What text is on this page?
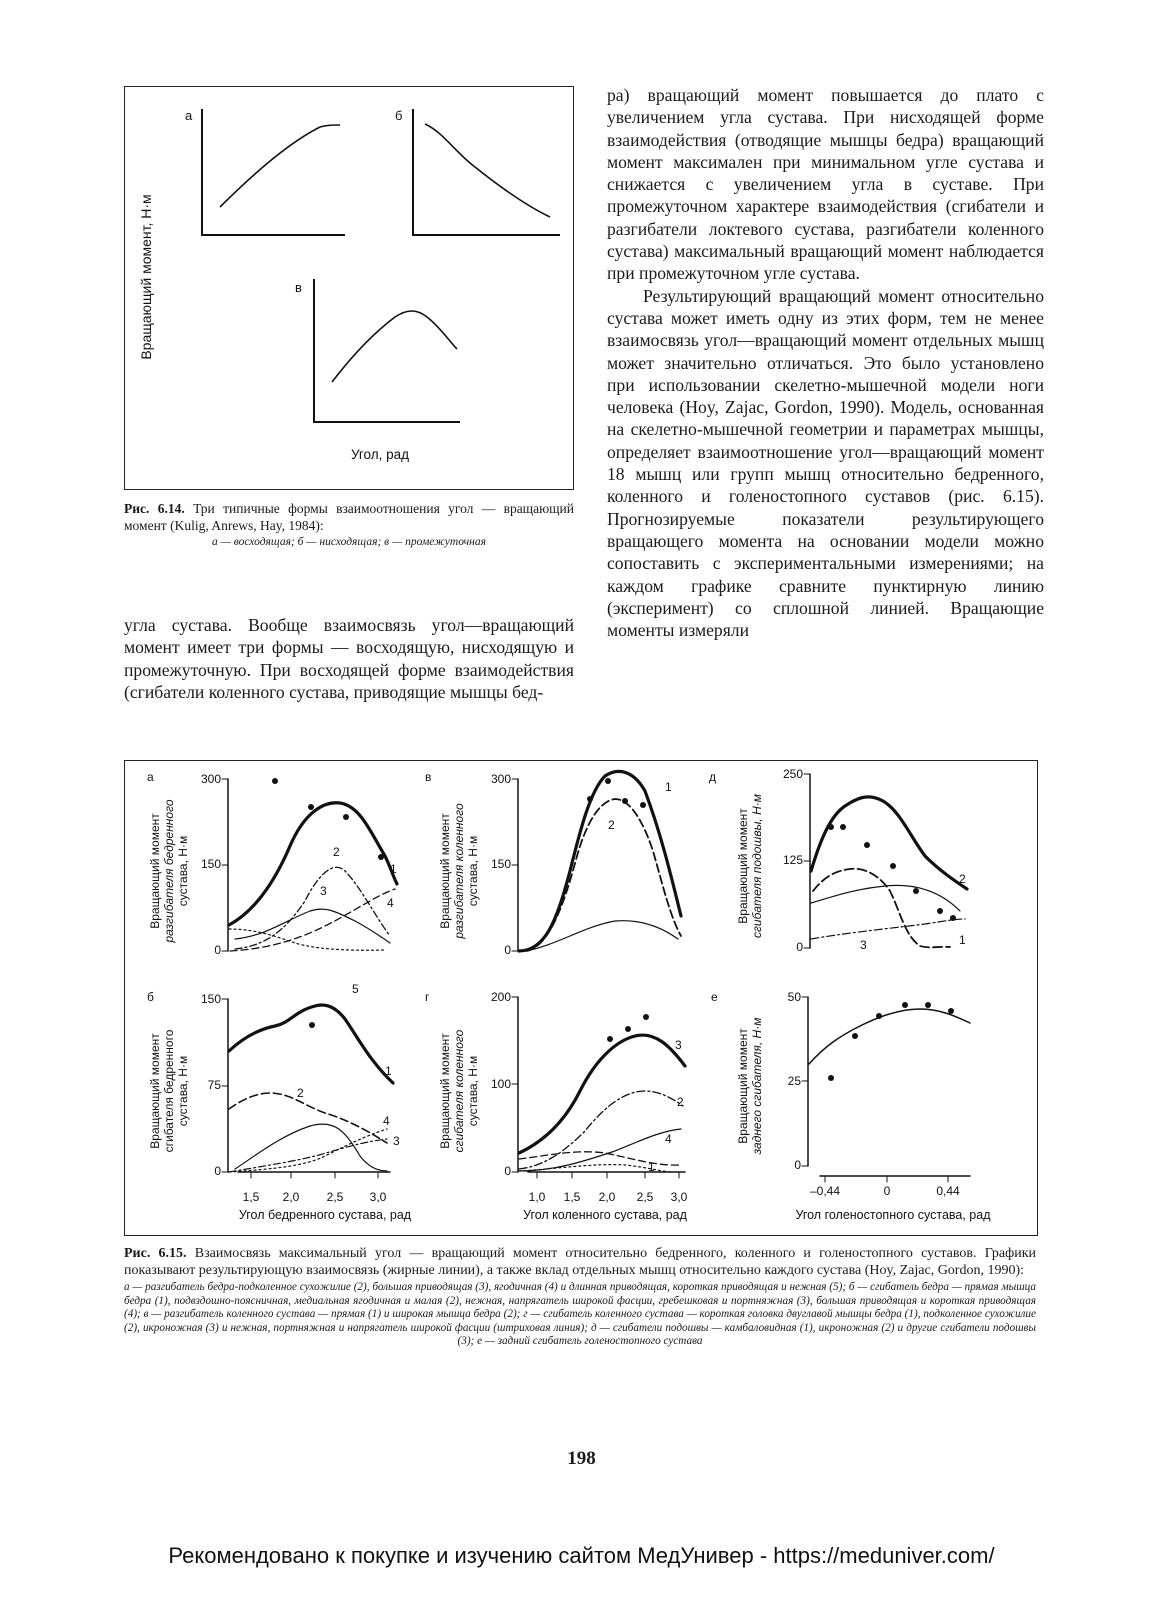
Вращающий момент, Н·м
а	б
в
Угол, рад
Рис. 6.14. Три типичные формы взаимоотношения угол — вращающий момент (Kulig, Anrews, Hay, 1984):
а — восходящая; б — нисходящая; в — промежуточная

угла сустава. Вообще взаимосвязь угол—вращающий момент имеет три формы — восходящую, нисходящую и промежуточную. При восходящей форме взаимодействия (сгибатели коленного сустава, приводящие мышцы бед-

ра) вращающий момент повышается до плато с увеличением угла сустава. При нисходящей форме взаимодействия (отводящие мышцы бедра) вращающий момент максимален при минимальном угле сустава и снижается с увеличением угла в суставе. При промежуточном характере взаимодействия (сгибатели и разгибатели локтевого сустава, разгибатели коленного сустава) максимальный вращающий момент наблюдается при промежуточном угле сустава.

Результирующий вращающий момент относительно сустава может иметь одну из этих форм, тем не менее взаимосвязь угол—вращающий момент отдельных мышц может значительно отличаться. Это было установлено при использовании скелетно-мышечной модели ноги человека (Hoy, Zajac, Gordon, 1990). Модель, основанная на скелетно-мышечной геометрии и параметрах мышцы, определяет взаимоотношение угол—вращающий момент 18 мышц или групп мышц относительно бедренного, коленного и голеностопного суставов (рис. 6.15). Прогнозируемые показатели результирующего вращающего момента на основании модели можно сопоставить с экспериментальными измерениями; на каждом графике сравните пунктирную линию (эксперимент) со сплошной линией. Вращающие моменты измеряли

а
Вращающий момент разгибателя бедренного сустава, Н·м
300
150
0
1
2
3
4
5
в
Вращающий момент разгибателя коленного сустава, Н·м
300
150
0
1
2
д
Вращающий момент сгибателя подошвы, Н·м
250
125
0	1
2
3
б
Вращающий момент сгибателя бедренного сустава, Н·м
150
75
0
1
2
3
4
1,5 2,0 2,5 3,0
Угол бедренного сустава, рад
г
Вращающий момент сгибателя коленного сустава, Н·м
200
100
0	1
2
3
4
1,0 1,5 2,0 2,5 3,0
Угол коленного сустава, рад
е
Вращающий момент заднего сгибателя, Н·м
50
25
0
–0,44	0	0,44
Угол голеностопного сустава, рад
Рис. 6.15. Взаимосвязь максимальный угол — вращающий момент относительно бедренного, коленного и голеностопного суставов. Графики показывают результирующую взаимосвязь (жирные линии), а также вклад отдельных мышц относительно каждого сустава (Hoy, Zajac, Gordon, 1990):
а — разгибатель бедра-подколенное сухожилие (2), большая приводящая (3), ягодичная (4) и длинная приводящая, короткая приводящая и нежная (5); б — сгибатель бедра — прямая мышца бедра (1), подвздошно-поясничная, медиальная ягодичная и малая (2), нежная, напрягатель широкой фасции, гребешковая и портняжная (3), большая приводящая и короткая приводящая (4); в — разгибатель коленного сустава — прямая (1) и широкая мышца бедра (2); г — сгибатель коленного сустава — короткая головка двуглавой мышцы бедра (1), подколенное сухожилие (2), икроножная (3) и нежная, портняжная и напрягатель широкой фасции (штриховая линия); д — сгибатели подошвы — камбаловидная (1), икроножная (2) и другие сгибатели подошвы (3); е — задний сгибатель голеностопного сустава
198
Рекомендовано к покупке и изучению сайтом МедУнивер - https://meduniver.com/
